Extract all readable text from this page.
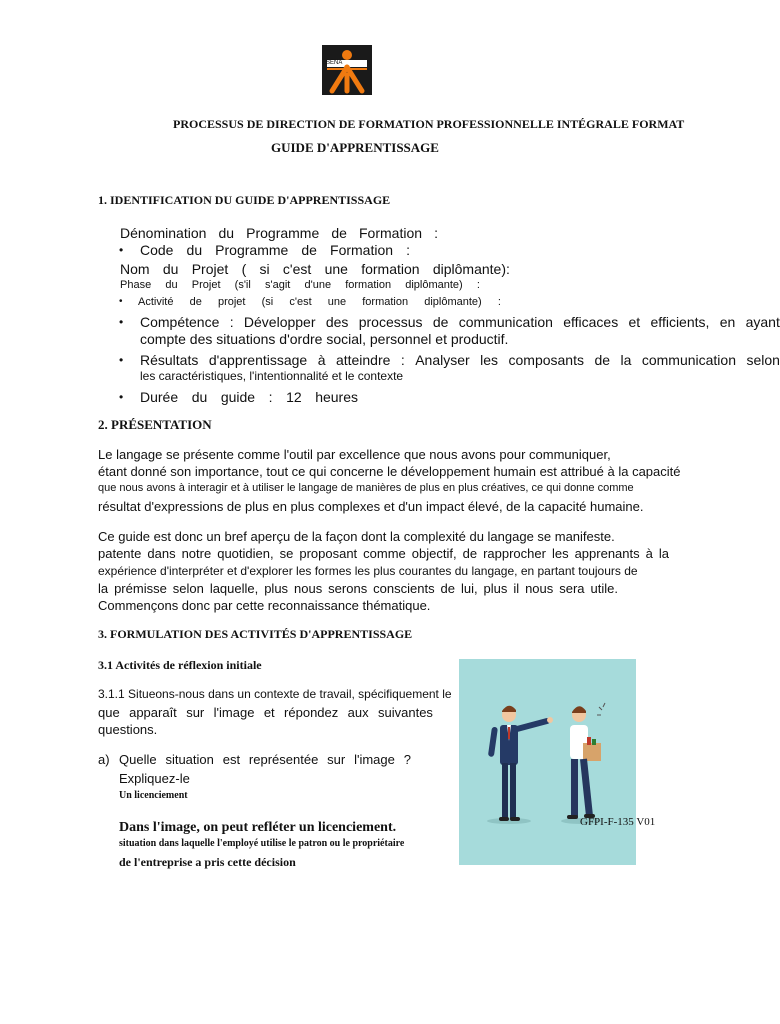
SENA
PROCESSUS DE DIRECTION DE FORMATION PROFESSIONNELLE INTÉGRALE FORMAT
GUIDE D'APPRENTISSAGE
1. IDENTIFICATION DU GUIDE D'APPRENTISSAGE
Dénomination du Programme de Formation :
• Code du Programme de Formation :
Nom du Projet ( si c'est une formation diplômante):
Phase du Projet (s'il s'agit d'une formation diplômante) :
• Activité de projet (si c'est une formation diplômante) :
• Compétence : Développer des processus de communication efficaces et efficients, en ayant
compte des situations d'ordre social, personnel et productif.
• Résultats d'apprentissage à atteindre : Analyser les composants de la communication selon
les caractéristiques, l'intentionnalité et le contexte
• Durée du guide : 12 heures
2. PRÉSENTATION
Le langage se présente comme l'outil par excellence que nous avons pour communiquer,
étant donné son importance, tout ce qui concerne le développement humain est attribué à la capacité
que nous avons à interagir et à utiliser le langage de manières de plus en plus créatives, ce qui donne comme
résultat d'expressions de plus en plus complexes et d'un impact élevé, de la capacité humaine.
Ce guide est donc un bref aperçu de la façon dont la complexité du langage se manifeste.
patente dans notre quotidien, se proposant comme objectif, de rapprocher les apprenants à la
expérience d'interpréter et d'explorer les formes les plus courantes du langage, en partant toujours de
la prémisse selon laquelle, plus nous serons conscients de lui, plus il nous sera utile.
Commençons donc par cette reconnaissance thématique.
3. FORMULATION DES ACTIVITÉS D'APPRENTISSAGE
3.1 Activités de réflexion initiale
3.1.1 Situeons-nous dans un contexte de travail, spécifiquement le
que apparaît sur l'image et répondez aux suivantes
questions.
a) Quelle situation est représentée sur l'image ?
Expliquez-le
Un licenciement
Dans l'image, on peut refléter un licenciement.
situation dans laquelle l'employé utilise le patron ou le propriétaire
de l'entreprise a pris cette décision
GFPI-F-135 V01
